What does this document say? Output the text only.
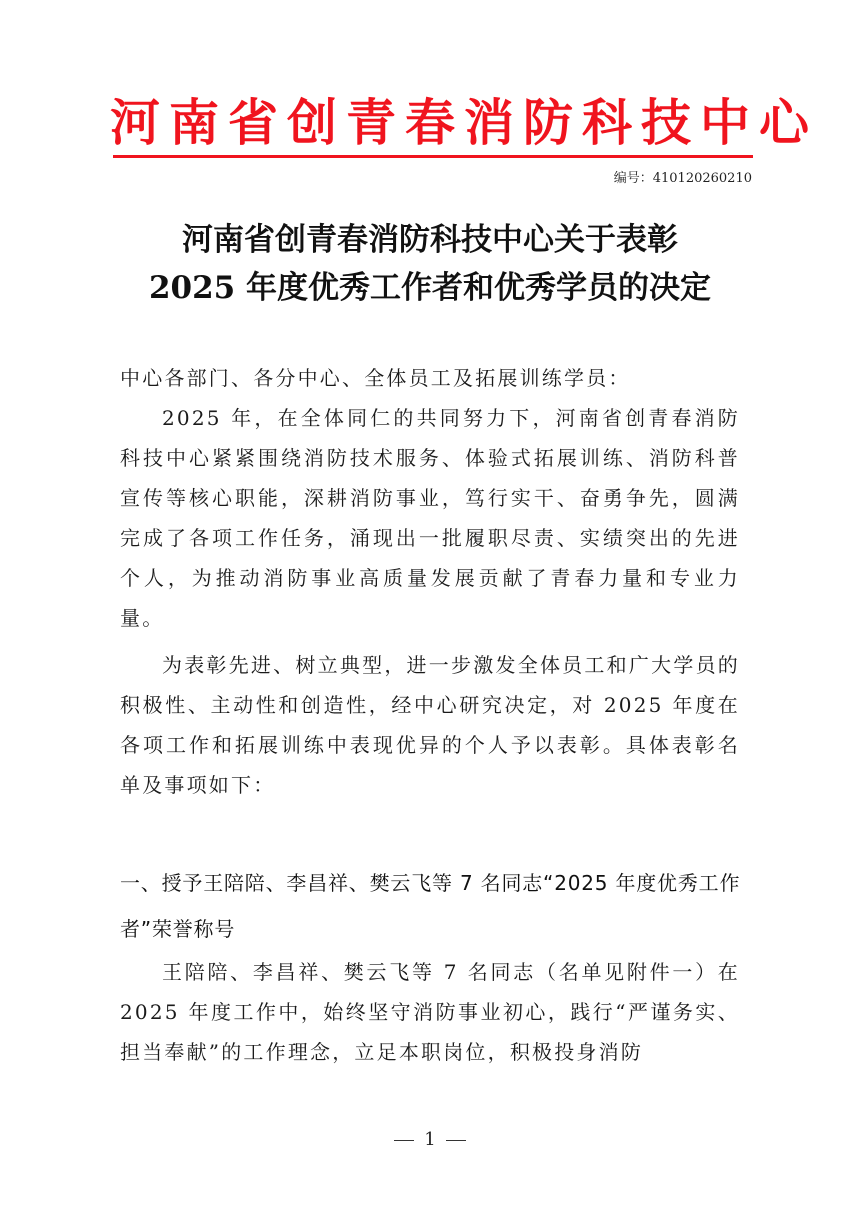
河南省创青春消防科技中心
编号：410120260210
河南省创青春消防科技中心关于表彰
2025 年度优秀工作者和优秀学员的决定

中心各部门、各分中心、全体员工及拓展训练学员：

2025 年，在全体同仁的共同努力下，河南省创青春消防科技中心紧紧围绕消防技术服务、体验式拓展训练、消防科普宣传等核心职能，深耕消防事业，笃行实干、奋勇争先，圆满完成了各项工作任务，涌现出一批履职尽责、实绩突出的先进个人，为推动消防事业高质量发展贡献了青春力量和专业力量。

为表彰先进、树立典型，进一步激发全体员工和广大学员的积极性、主动性和创造性，经中心研究决定，对 2025 年度在各项工作和拓展训练中表现优异的个人予以表彰。具体表彰名单及事项如下：

一、授予王陪陪、李昌祥、樊云飞等 7 名同志“2025 年度优秀工作者”荣誉称号

王陪陪、李昌祥、樊云飞等 7 名同志（名单见附件一）在 2025 年度工作中，始终坚守消防事业初心，践行“严谨务实、担当奉献”的工作理念，立足本职岗位，积极投身消防

1
